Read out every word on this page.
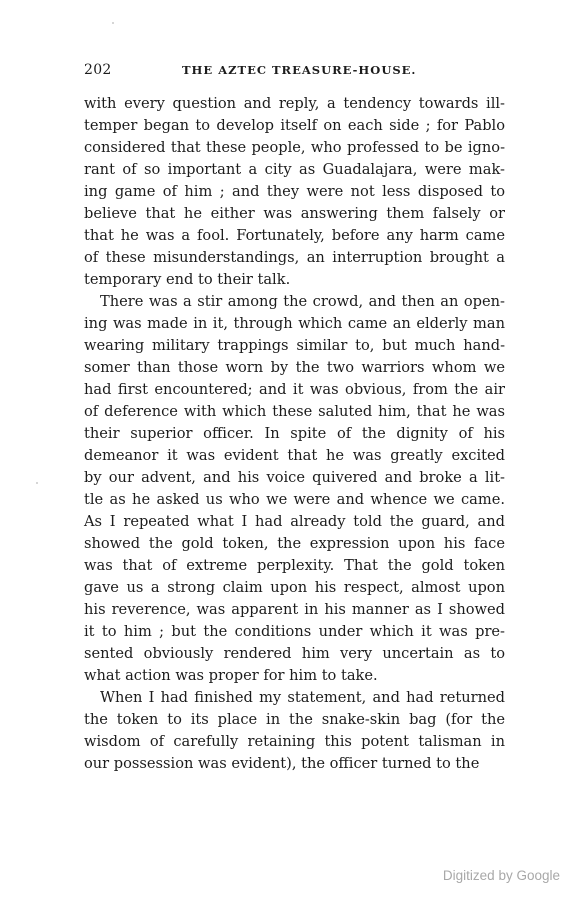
202	THE AZTEC TREASURE-HOUSE.
with every question and reply, a tendency towards ill-
temper began to develop itself on each side ; for Pablo
considered that these people, who professed to be igno-
rant of so important a city as Guadalajara, were mak-
ing game of him ; and they were not less disposed to
believe that he either was answering them falsely or
that he was a fool. Fortunately, before any harm came
of these misunderstandings, an interruption brought a
temporary end to their talk.
There was a stir among the crowd, and then an open-
ing was made in it, through which came an elderly man
wearing military trappings similar to, but much hand-
somer than those worn by the two warriors whom we
had first encountered; and it was obvious, from the air
of deference with which these saluted him, that he was
their superior officer. In spite of the dignity of his
demeanor it was evident that he was greatly excited
by our advent, and his voice quivered and broke a lit-
tle as he asked us who we were and whence we came.
As I repeated what I had already told the guard, and
showed the gold token, the expression upon his face
was that of extreme perplexity. That the gold token
gave us a strong claim upon his respect, almost upon
his reverence, was apparent in his manner as I showed
it to him ; but the conditions under which it was pre-
sented obviously rendered him very uncertain as to
what action was proper for him to take.
When I had finished my statement, and had returned
the token to its place in the snake-skin bag (for the
wisdom of carefully retaining this potent talisman in
our possession was evident), the officer turned to the
Digitized by Google
